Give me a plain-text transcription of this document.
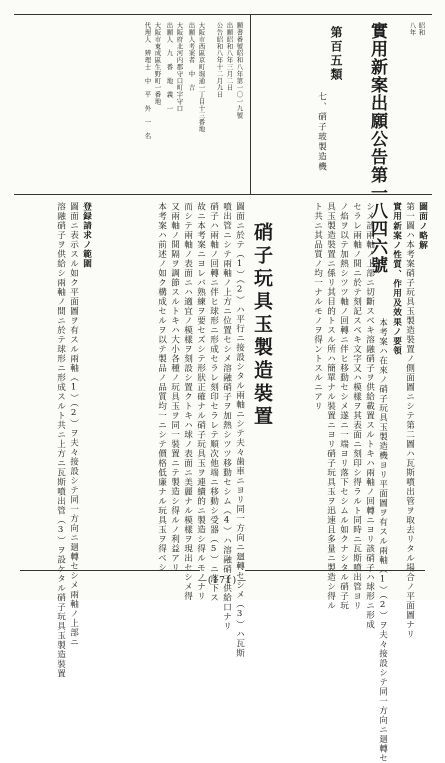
昭和
八年
實用新案出願公告第一八四六號
第百五類
七、硝子玻製造機
願書番號昭和八年第一〇一九號
出願昭和八年三月二日
公告昭和八年十二月九日
大阪市西區京町堀通一丁目十三番地
出願人考案者　中　吉
大阪府北河内郡守口町字守口
出願人　九　番　地　義　一
大阪市東成區生野町一番地
代理人　辨理士　中　平　外　一　名
硝子玩具玉製造裝置	圖面ノ略解
實用新案ノ性質、作用及效果ノ要領 第一圖ハ本考案硝子玩具玉製造裝置ノ側面圖ニシテ第二圖ハ瓦斯噴出管ヲ取去リタル場合ノ平面圖ナリ
本考案ハ在來ノ硝子玩具玉製造機ヨリ平面圖ヲ有スル兩軸（1）（2）ヲ夫々接設シテ同一方向ニ廻轉セ
シメ該兩軸ノ上部ニ切斷スベキ溶融硝子ヲ供給載置スルトキハ兩軸ノ回轉ニヨリ該硝子ハ球形ニ形成
セラレ兩軸ノ間ニ於テ刻記スベキ文字又ハ模樣ヲ其表面ニ刻印シ得ラルト同時ニ瓦斯噴出管ヨリ
ノ焰ヲ以テ加熱シツツ軸ノ回轉ニ伴ヒ移動セシメ遂ニ一端ヨリ落下セシムル如クナシタル硝子玩
具玉製造裝置ニ係リ其目的トスル所ハ簡單ナル裝置ニヨリ硝子玩具玉ヲ迅速且多量ニ製造シ得ル
ト共ニ其品質ノ均一ナルモノヲ得ントスルニアリ
圖面ニ於テ（1）（2）ハ平行ニ接設シタル兩軸ニシテ夫々歯車ニヨリ同一方向ニ廻轉セシメ（3）ハ瓦斯
噴出管ニシテ兩軸ノ上方ニ位置セシメ溶融硝子ヲ加熱シツツ移動セシム（4）ハ溶融硝子供給口ナリ
硝子ハ兩軸ノ回轉ニ伴ヒ球形ニ形成セラレ刻印セラレテ順次他端ニ移動シ受器（5）ニ落下ス
故ニ本考案ニヨレバ熟練ヲ要セズシテ形狀正確ナル硝子玩具玉ヲ連續的ニ製造シ得ルモノナリ
而シテ兩軸ノ表面ニハ適宜ノ模樣ヲ刻設シ置クトキハ球ノ表面ニ美麗ナル模樣ヲ現出セシメ得
又兩軸ノ間隔ヲ調節スルトキハ大小各種ノ玩具玉ヲ同一裝置ニテ製造シ得ルノ利益アリ
本考案ハ前述ノ如ク構成セルヲ以テ製品ノ品質均一ニシテ價格低廉ナル玩具玉ヲ得ベシ
登録請求ノ範圍
圖面ニ表示スル如ク平面圖ヲ有スル兩軸（1）（2）ヲ夫々接設シテ同一方向ニ廻轉セシメ兩軸ノ上部ニ
溶融硝子ヲ供給シ兩軸ノ間ニ於テ球形ニ形成スルト共ニ上方ニ瓦斯噴出管（3）ヲ設ケタル硝子玩具玉製造裝置	—(171)—
